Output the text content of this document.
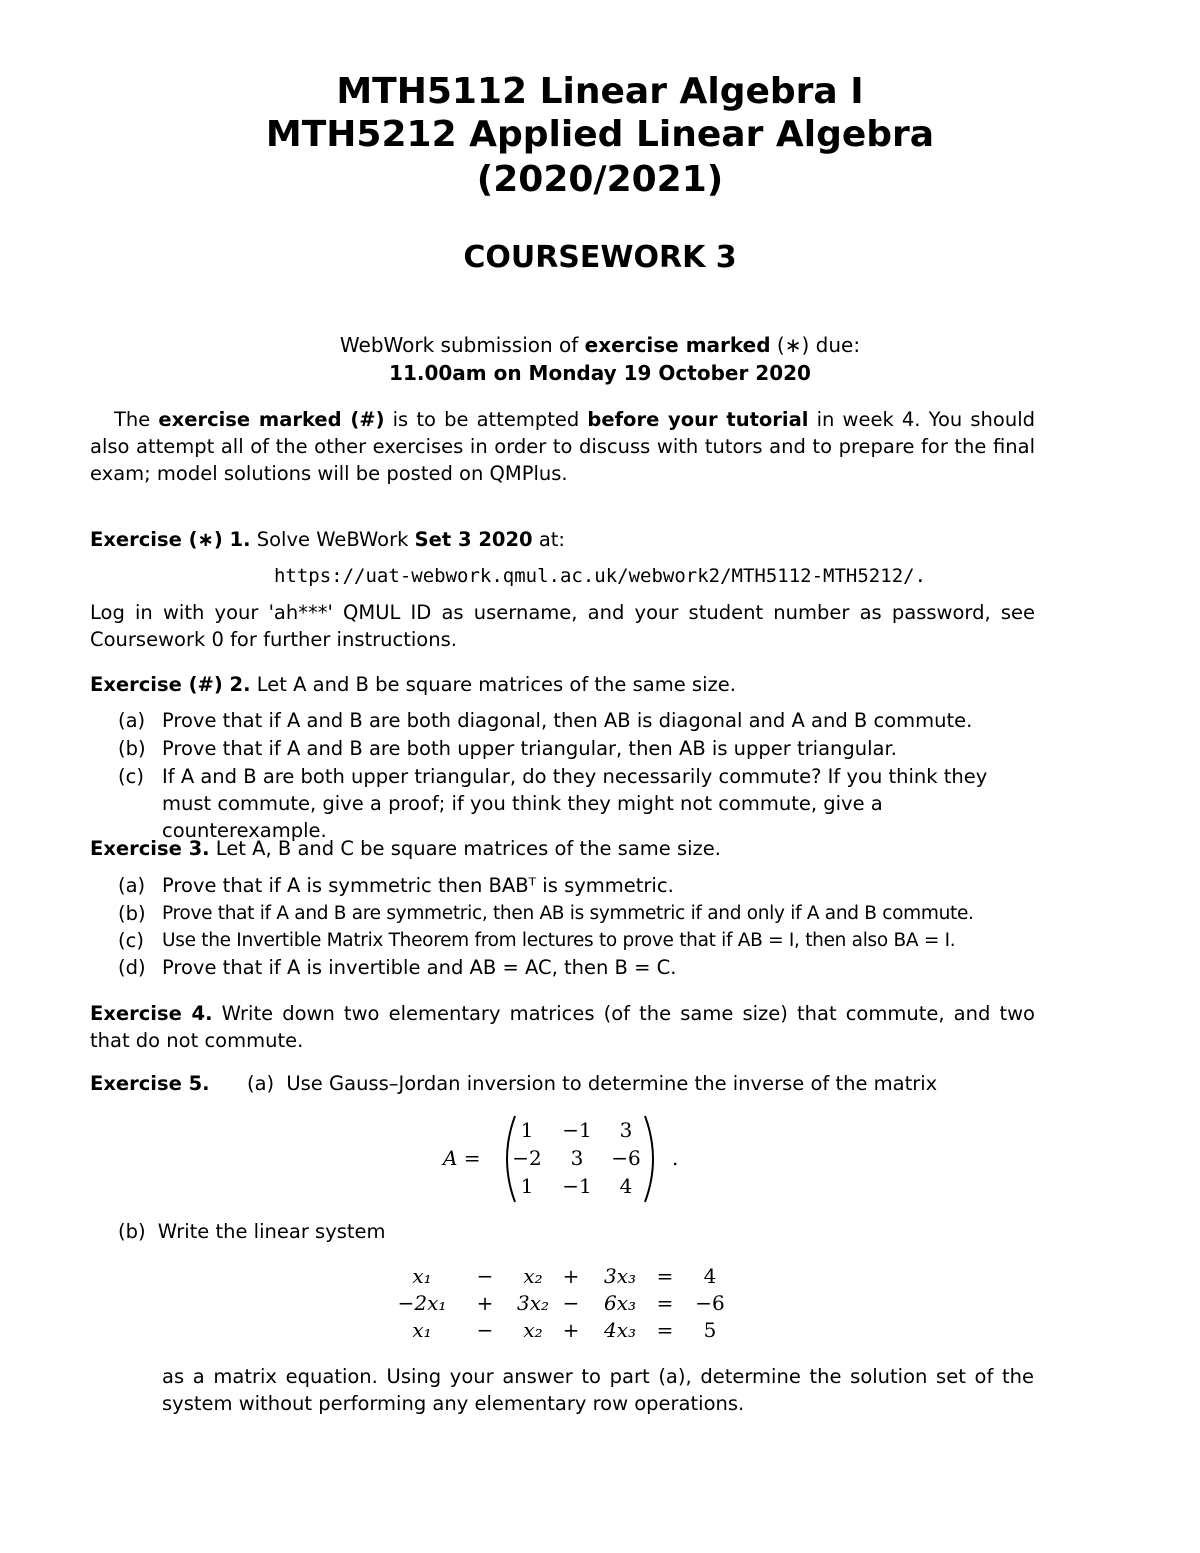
MTH5112 Linear Algebra I
MTH5212 Applied Linear Algebra
(2020/2021)
COURSEWORK 3
WebWork submission of exercise marked (∗) due:
11.00am on Monday 19 October 2020
The exercise marked (#) is to be attempted before your tutorial in week 4. You should also attempt all of the other exercises in order to discuss with tutors and to prepare for the final exam; model solutions will be posted on QMPlus.
Exercise (∗) 1. Solve WeBWork Set 3 2020 at:
https://uat-webwork.qmul.ac.uk/webwork2/MTH5112-MTH5212/.
Log in with your 'ah***' QMUL ID as username, and your student number as password, see Coursework 0 for further instructions.
Exercise (#) 2. Let A and B be square matrices of the same size.
(a) Prove that if A and B are both diagonal, then AB is diagonal and A and B commute.
(b) Prove that if A and B are both upper triangular, then AB is upper triangular.
(c) If A and B are both upper triangular, do they necessarily commute? If you think they must commute, give a proof; if you think they might not commute, give a counterexample.
Exercise 3. Let A, B and C be square matrices of the same size.
(a) Prove that if A is symmetric then BABᵀ is symmetric.
(b) Prove that if A and B are symmetric, then AB is symmetric if and only if A and B commute.
(c) Use the Invertible Matrix Theorem from lectures to prove that if AB = I, then also BA = I.
(d) Prove that if A is invertible and AB = AC, then B = C.
Exercise 4. Write down two elementary matrices (of the same size) that commute, and two that do not commute.
Exercise 5. (a) Use Gauss–Jordan inversion to determine the inverse of the matrix
A =
1	−1	3
−2	3	−6
1	−1	4
.
(b) Write the linear system
x₁	−	x₂ +	3x₃	=	4
−2x₁	+	3x₂ −	6x₃	=	−6
x₁	−	x₂ +	4x₃	=	5
as a matrix equation. Using your answer to part (a), determine the solution set of the system without performing any elementary row operations.
